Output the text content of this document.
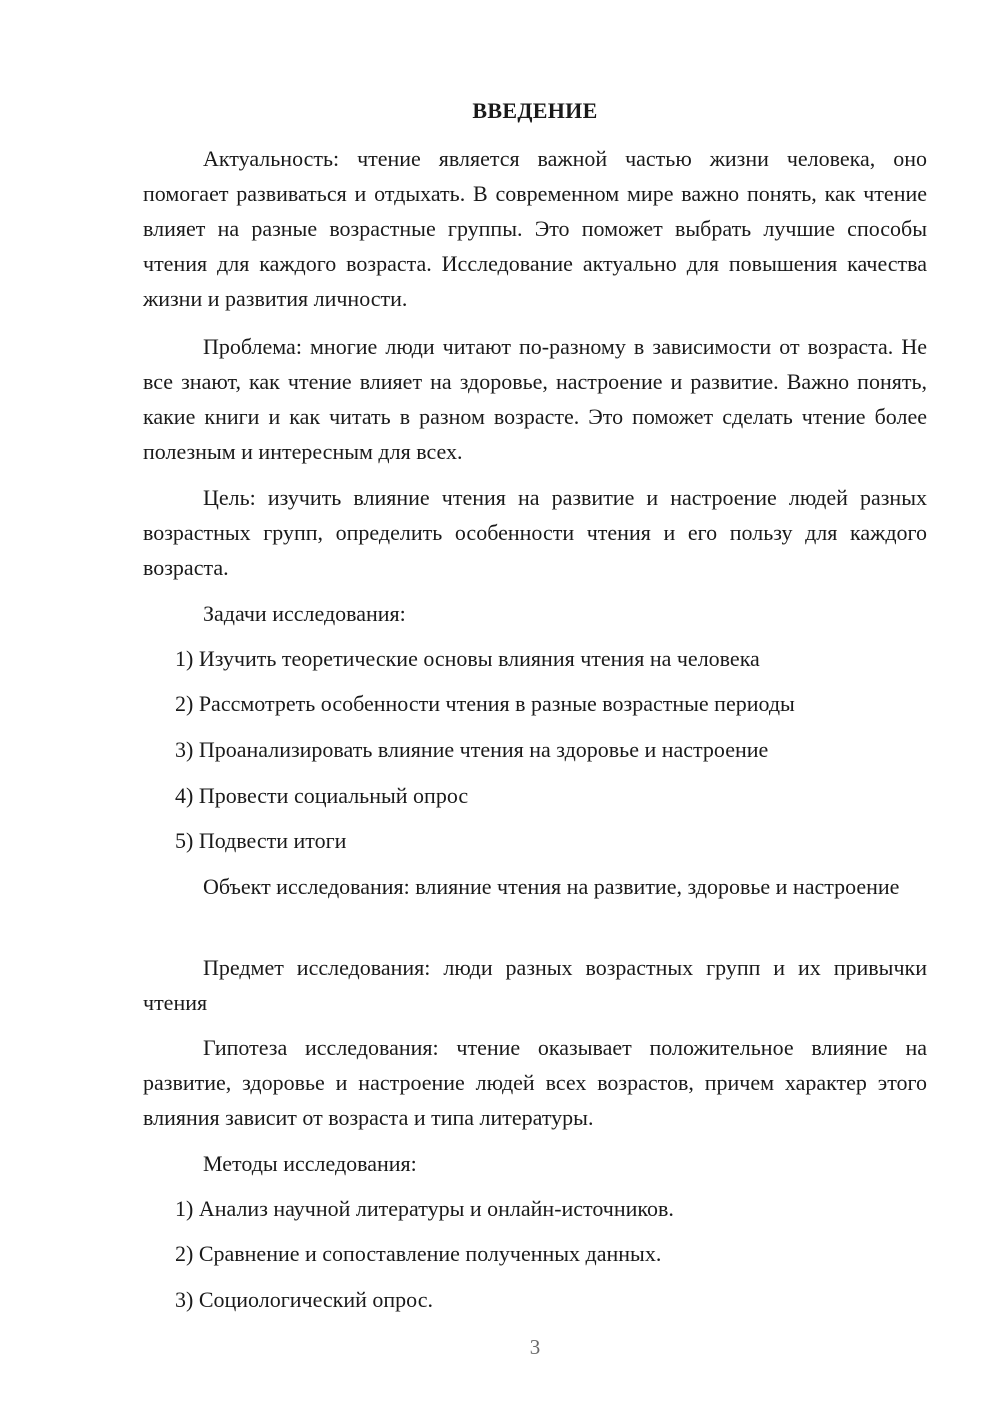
ВВЕДЕНИЕ

Актуальность: чтение является важной частью жизни человека, оно помогает развиваться и отдыхать. В современном мире важно понять, как чтение влияет на разные возрастные группы. Это поможет выбрать лучшие способы чтения для каждого возраста. Исследование актуально для повышения качества жизни и развития личности.

Проблема: многие люди читают по-разному в зависимости от возраста. Не все знают, как чтение влияет на здоровье, настроение и развитие. Важно понять, какие книги и как читать в разном возрасте. Это поможет сделать чтение более полезным и интересным для всех.

Цель: изучить влияние чтения на развитие и настроение людей разных возрастных групп, определить особенности чтения и его пользу для каждого возраста.

Задачи исследования:

1) Изучить теоретические основы влияния чтения на человека

2) Рассмотреть особенности чтения в разные возрастные периоды

3) Проанализировать влияние чтения на здоровье и настроение

4) Провести социальный опрос

5) Подвести итоги

Объект исследования: влияние чтения на развитие, здоровье и настроение

Предмет исследования: люди разных возрастных групп и их привычки чтения

Гипотеза исследования: чтение оказывает положительное влияние на развитие, здоровье и настроение людей всех возрастов, причем характер этого влияния зависит от возраста и типа литературы.

Методы исследования:

1) Анализ научной литературы и онлайн-источников.

2) Сравнение и сопоставление полученных данных.

3) Социологический опрос.

3
